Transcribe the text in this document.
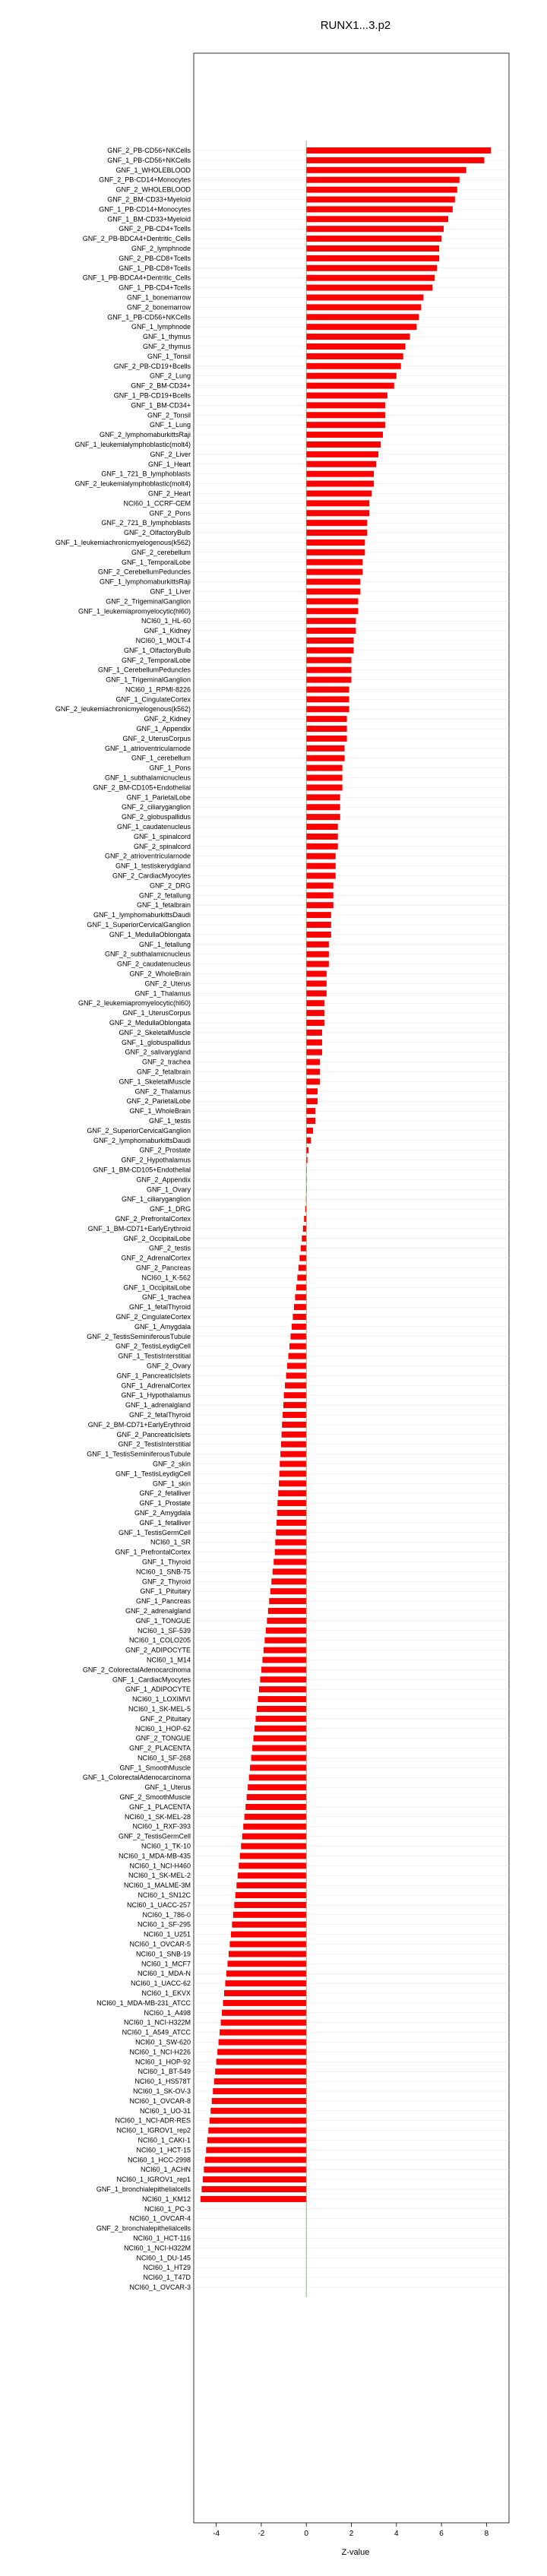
RUNX1...3.p2
GNF_2_PB-CD56+NKCells
GNF_1_PB-CD56+NKCells
GNF_1_WHOLEBLOOD
GNF_2_PB-CD14+Monocytes
GNF_2_WHOLEBLOOD
GNF_2_BM-CD33+Myeloid
GNF_1_PB-CD14+Monocytes
GNF_1_BM-CD33+Myeloid
GNF_2_PB-CD4+Tcells
GNF_2_PB-BDCA4+Dentritic_Cells
GNF_2_lymphnode
GNF_2_PB-CD8+Tcells
GNF_1_PB-CD8+Tcells
GNF_1_PB-BDCA4+Dentritic_Cells
GNF_1_PB-CD4+Tcells
GNF_1_bonemarrow
GNF_2_bonemarrow
GNF_1_PB-CD56+NKCells
GNF_1_lymphnode
GNF_1_thymus
GNF_2_thymus
GNF_1_Tonsil
GNF_2_PB-CD19+Bcells
GNF_2_Lung
GNF_2_BM-CD34+
GNF_1_PB-CD19+Bcells
GNF_1_BM-CD34+
GNF_2_Tonsil
GNF_1_Lung
GNF_2_lymphomaburkittsRaji
GNF_1_leukemialymphoblastic(molt4)
GNF_2_Liver
GNF_1_Heart
GNF_1_721_B_lymphoblasts
GNF_2_leukemialymphoblastic(molt4)
GNF_2_Heart
NCI60_1_CCRF-CEM
GNF_2_Pons
GNF_2_721_B_lymphoblasts
GNF_2_OlfactoryBulb
GNF_1_leukemiachronicmyelogenous(k562)
GNF_2_cerebellum
GNF_1_TemporalLobe
GNF_2_CerebellumPeduncles
GNF_1_lymphomaburkittsRaji
GNF_1_Liver
GNF_2_TrigeminalGanglion
GNF_1_leukemiapromyelocytic(hl60)
NCI60_1_HL-60
GNF_1_Kidney
NCI60_1_MOLT-4
GNF_1_OlfactoryBulb
GNF_2_TemporalLobe
GNF_1_CerebellumPeduncles
GNF_1_TrigeminalGanglion
NCI60_1_RPMI-8226
GNF_1_CingulateCortex
GNF_2_leukemiachronicmyelogenous(k562)
GNF_2_Kidney
GNF_1_Appendix
GNF_2_UterusCorpus
GNF_1_atrioventricularnode
GNF_1_cerebellum
GNF_1_Pons
GNF_1_subthalamicnucleus
GNF_2_BM-CD105+Endothelial
GNF_1_ParietalLobe
GNF_2_ciliaryganglion
GNF_2_globuspallidus
GNF_1_caudatenucleus
GNF_1_spinalcord
GNF_2_spinalcord
GNF_2_atrioventricularnode
GNF_1_testiskerydgland
GNF_2_CardiacMyocytes
GNF_2_DRG
GNF_2_fetallung
GNF_1_fetalbrain
GNF_1_lymphomaburkittsDaudi
GNF_1_SuperiorCervicalGanglion
GNF_1_MedullaOblongata
GNF_1_fetallung
GNF_2_subthalamicnucleus
GNF_2_caudatenucleus
GNF_2_WholeBrain
GNF_2_Uterus
GNF_1_Thalamus
GNF_2_leukemiapromyelocytic(hl60)
GNF_1_UterusCorpus
GNF_2_MedullaOblongata
GNF_2_SkeletalMuscle
GNF_1_globuspallidus
GNF_2_salivarygland
GNF_2_trachea
GNF_2_fetalbrain
GNF_1_SkeletalMuscle
GNF_2_Thalamus
GNF_2_ParietalLobe
GNF_1_WholeBrain
GNF_1_testis
GNF_2_SuperiorCervicalGanglion
GNF_2_lymphomaburkittsDaudi
GNF_2_Prostate
GNF_2_Hypothalamus
GNF_1_BM-CD105+Endothelial
GNF_2_Appendix
GNF_1_Ovary
GNF_1_ciliaryganglion
GNF_1_DRG
GNF_2_PrefrontalCortex
GNF_1_BM-CD71+EarlyErythroid
GNF_2_OccipitalLobe
GNF_2_testis
GNF_2_AdrenalCortex
GNF_2_Pancreas
NCI60_1_K-562
GNF_1_OccipitalLobe
GNF_1_trachea
GNF_1_fetalThyroid
GNF_2_CingulateCortex
GNF_1_Amygdala
GNF_2_TestisSeminiferousTubule
GNF_2_TestisLeydigCell
GNF_1_TestisInterstitial
GNF_2_Ovary
GNF_1_PancreaticIslets
GNF_1_AdrenalCortex
GNF_1_Hypothalamus
GNF_1_adrenalgland
GNF_2_fetalThyroid
GNF_2_BM-CD71+EarlyErythroid
GNF_2_PancreaticIslets
GNF_2_TestisInterstitial
GNF_1_TestisSeminiferousTubule
GNF_2_skin
GNF_1_TestisLeydigCell
GNF_1_skin
GNF_2_fetalliver
GNF_1_Prostate
GNF_2_Amygdala
GNF_1_fetalliver
GNF_1_TestisGermCell
NCI60_1_SR
GNF_1_PrefrontalCortex
GNF_1_Thyroid
NCI60_1_SNB-75
GNF_2_Thyroid
GNF_1_Pituitary
GNF_1_Pancreas
GNF_2_adrenalgland
GNF_1_TONGUE
NCI60_1_SF-539
NCI60_1_COLO205
GNF_2_ADIPOCYTE
NCI60_1_M14
GNF_2_ColorectalAdenocarcinoma
GNF_1_CardiacMyocytes
GNF_1_ADIPOCYTE
NCI60_1_LOXIMVI
NCI60_1_SK-MEL-5
GNF_2_Pituitary
NCI60_1_HOP-62
GNF_2_TONGUE
GNF_2_PLACENTA
NCI60_1_SF-268
GNF_1_SmoothMuscle
GNF_1_ColorectalAdenocarcinoma
GNF_1_Uterus
GNF_2_SmoothMuscle
GNF_1_PLACENTA
NCI60_1_SK-MEL-28
NCI60_1_RXF-393
GNF_2_TestisGermCell
NCI60_1_TK-10
NCI60_1_MDA-MB-435
NCI60_1_NCI-H460
NCI60_1_SK-MEL-2
NCI60_1_MALME-3M
NCI60_1_SN12C
NCI60_1_UACC-257
NCI60_1_786-0
NCI60_1_SF-295
NCI60_1_U251
NCI60_1_OVCAR-5
NCI60_1_SNB-19
NCI60_1_MCF7
NCI60_1_MDA-N
NCI60_1_UACC-62
NCI60_1_EKVX
NCI60_1_MDA-MB-231_ATCC
NCI60_1_A498
NCI60_1_NCI-H322M
NCI60_1_A549_ATCC
NCI60_1_SW-620
NCI60_1_NCI-H226
NCI60_1_HOP-92
NCI60_1_BT-549
NCI60_1_HS578T
NCI60_1_SK-OV-3
NCI60_1_OVCAR-8
NCI60_1_UO-31
NCI60_1_NCI-ADR-RES
NCI60_1_IGROV1_rep2
NCI60_1_CAKI-1
NCI60_1_HCT-15
NCI60_1_HCC-2998
NCI60_1_ACHN
NCI60_1_IGROV1_rep1
GNF_1_bronchialepithelialcells
NCI60_1_KM12
NCI60_1_PC-3
NCI60_1_OVCAR-4
GNF_2_bronchialepithelialcells
NCI60_1_HCT-116
NCI60_1_NCI-H322M
NCI60_1_DU-145
NCI60_1_HT29
NCI60_1_T47D
NCI60_1_OVCAR-3
-4	-2	0	2	4	6	8
Z-value
